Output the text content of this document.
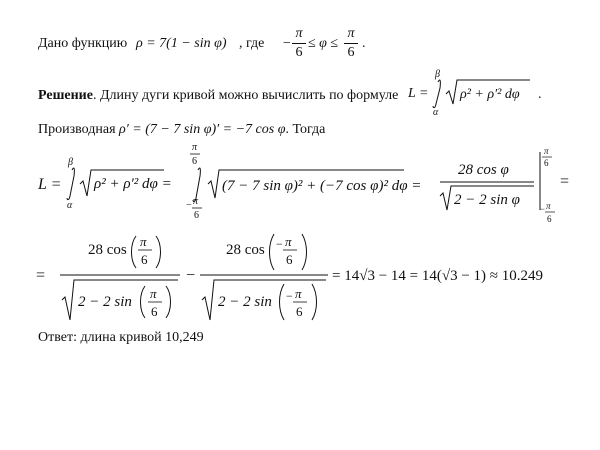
Дано функцию ρ = 7(1 − sin φ) , где −
π
6
≤ φ ≤
π
6
.
Решение. Длину дуги кривой можно вычислить по формуле L =
β
α
ρ² + ρ′² dφ .
Производная ρ′ = (7 − 7 sin φ)′ = −7 cos φ. Тогда
L =
β
α
ρ² + ρ′² dφ =
π
6
− π
6
(7 − 7 sin φ)² + (−7 cos φ)² dφ =
28 cos φ
2 − 2 sin φ
π
6
− π
6
=
=
28 cos
π
6
2 − 2 sin
π
6
−
28 cos − π
6
2 − 2 sin − π
6
= 14√3 − 14 = 14(√3 − 1) ≈ 10.249
Ответ: длина кривой 10,249
